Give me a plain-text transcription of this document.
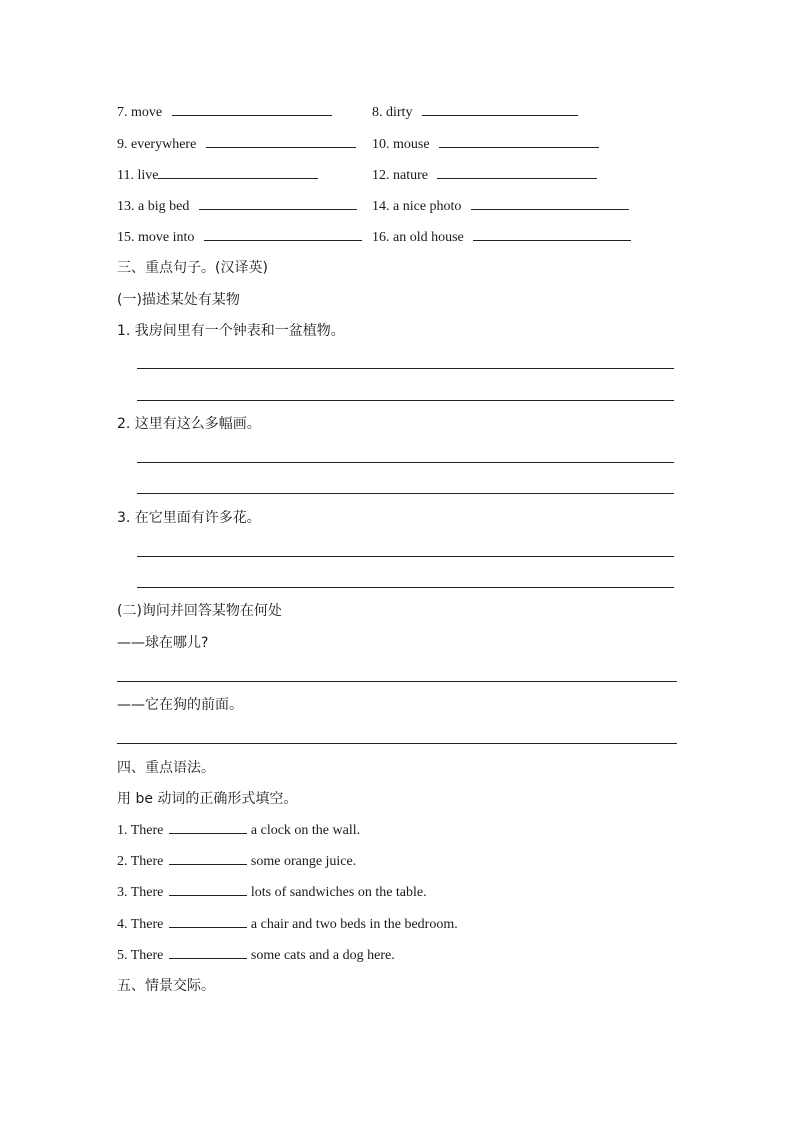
7. move	8. dirty
9. everywhere	10. mouse
11. live	12. nature
13. a big bed	14. a nice photo
15. move into	16. an old house
三、重点句子。(汉译英)
(一)描述某处有某物
1. 我房间里有一个钟表和一盆植物。
2. 这里有这么多幅画。
3. 在它里面有许多花。
(二)询问并回答某物在何处
——球在哪儿?
——它在狗的前面。
四、重点语法。
用 be 动词的正确形式填空。
1. There	a clock on the wall.
2. There	some orange juice.
3. There	lots of sandwiches on the table.
4. There	a chair and two beds in the bedroom.
5. There	some cats and a dog here.
五、情景交际。
